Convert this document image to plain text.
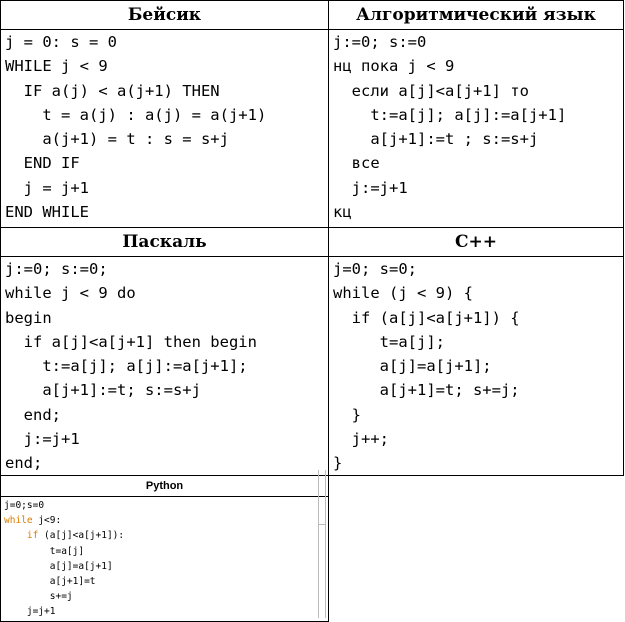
Бейсик
j = 0: s = 0
WHILE j < 9
IF a(j) < a(j+1) THEN
t = a(j) : a(j) = a(j+1)
a(j+1) = t : s = s+j
END IF
j = j+1
END WHILE
Алгоритмический язык
j:=0; s:=0
нц пока j < 9
если a[j]<a[j+1] то
t:=a[j]; a[j]:=a[j+1]
a[j+1]:=t ; s:=s+j
все
j:=j+1
кц
Паскаль
j:=0; s:=0;
while j < 9 do
begin
if a[j]<a[j+1] then begin
t:=a[j]; a[j]:=a[j+1];
a[j+1]:=t; s:=s+j
end;
j:=j+1
end;
C++
j=0; s=0;
while (j < 9) {
if (a[j]<a[j+1]) {
t=a[j];
a[j]=a[j+1];
a[j+1]=t; s+=j;
}
j++;
}
Python
j=0;s=0
while j<9:
if (a[j]<a[j+1]):
t=a[j]
a[j]=a[j+1]
a[j+1]=t
s+=j
j=j+1
